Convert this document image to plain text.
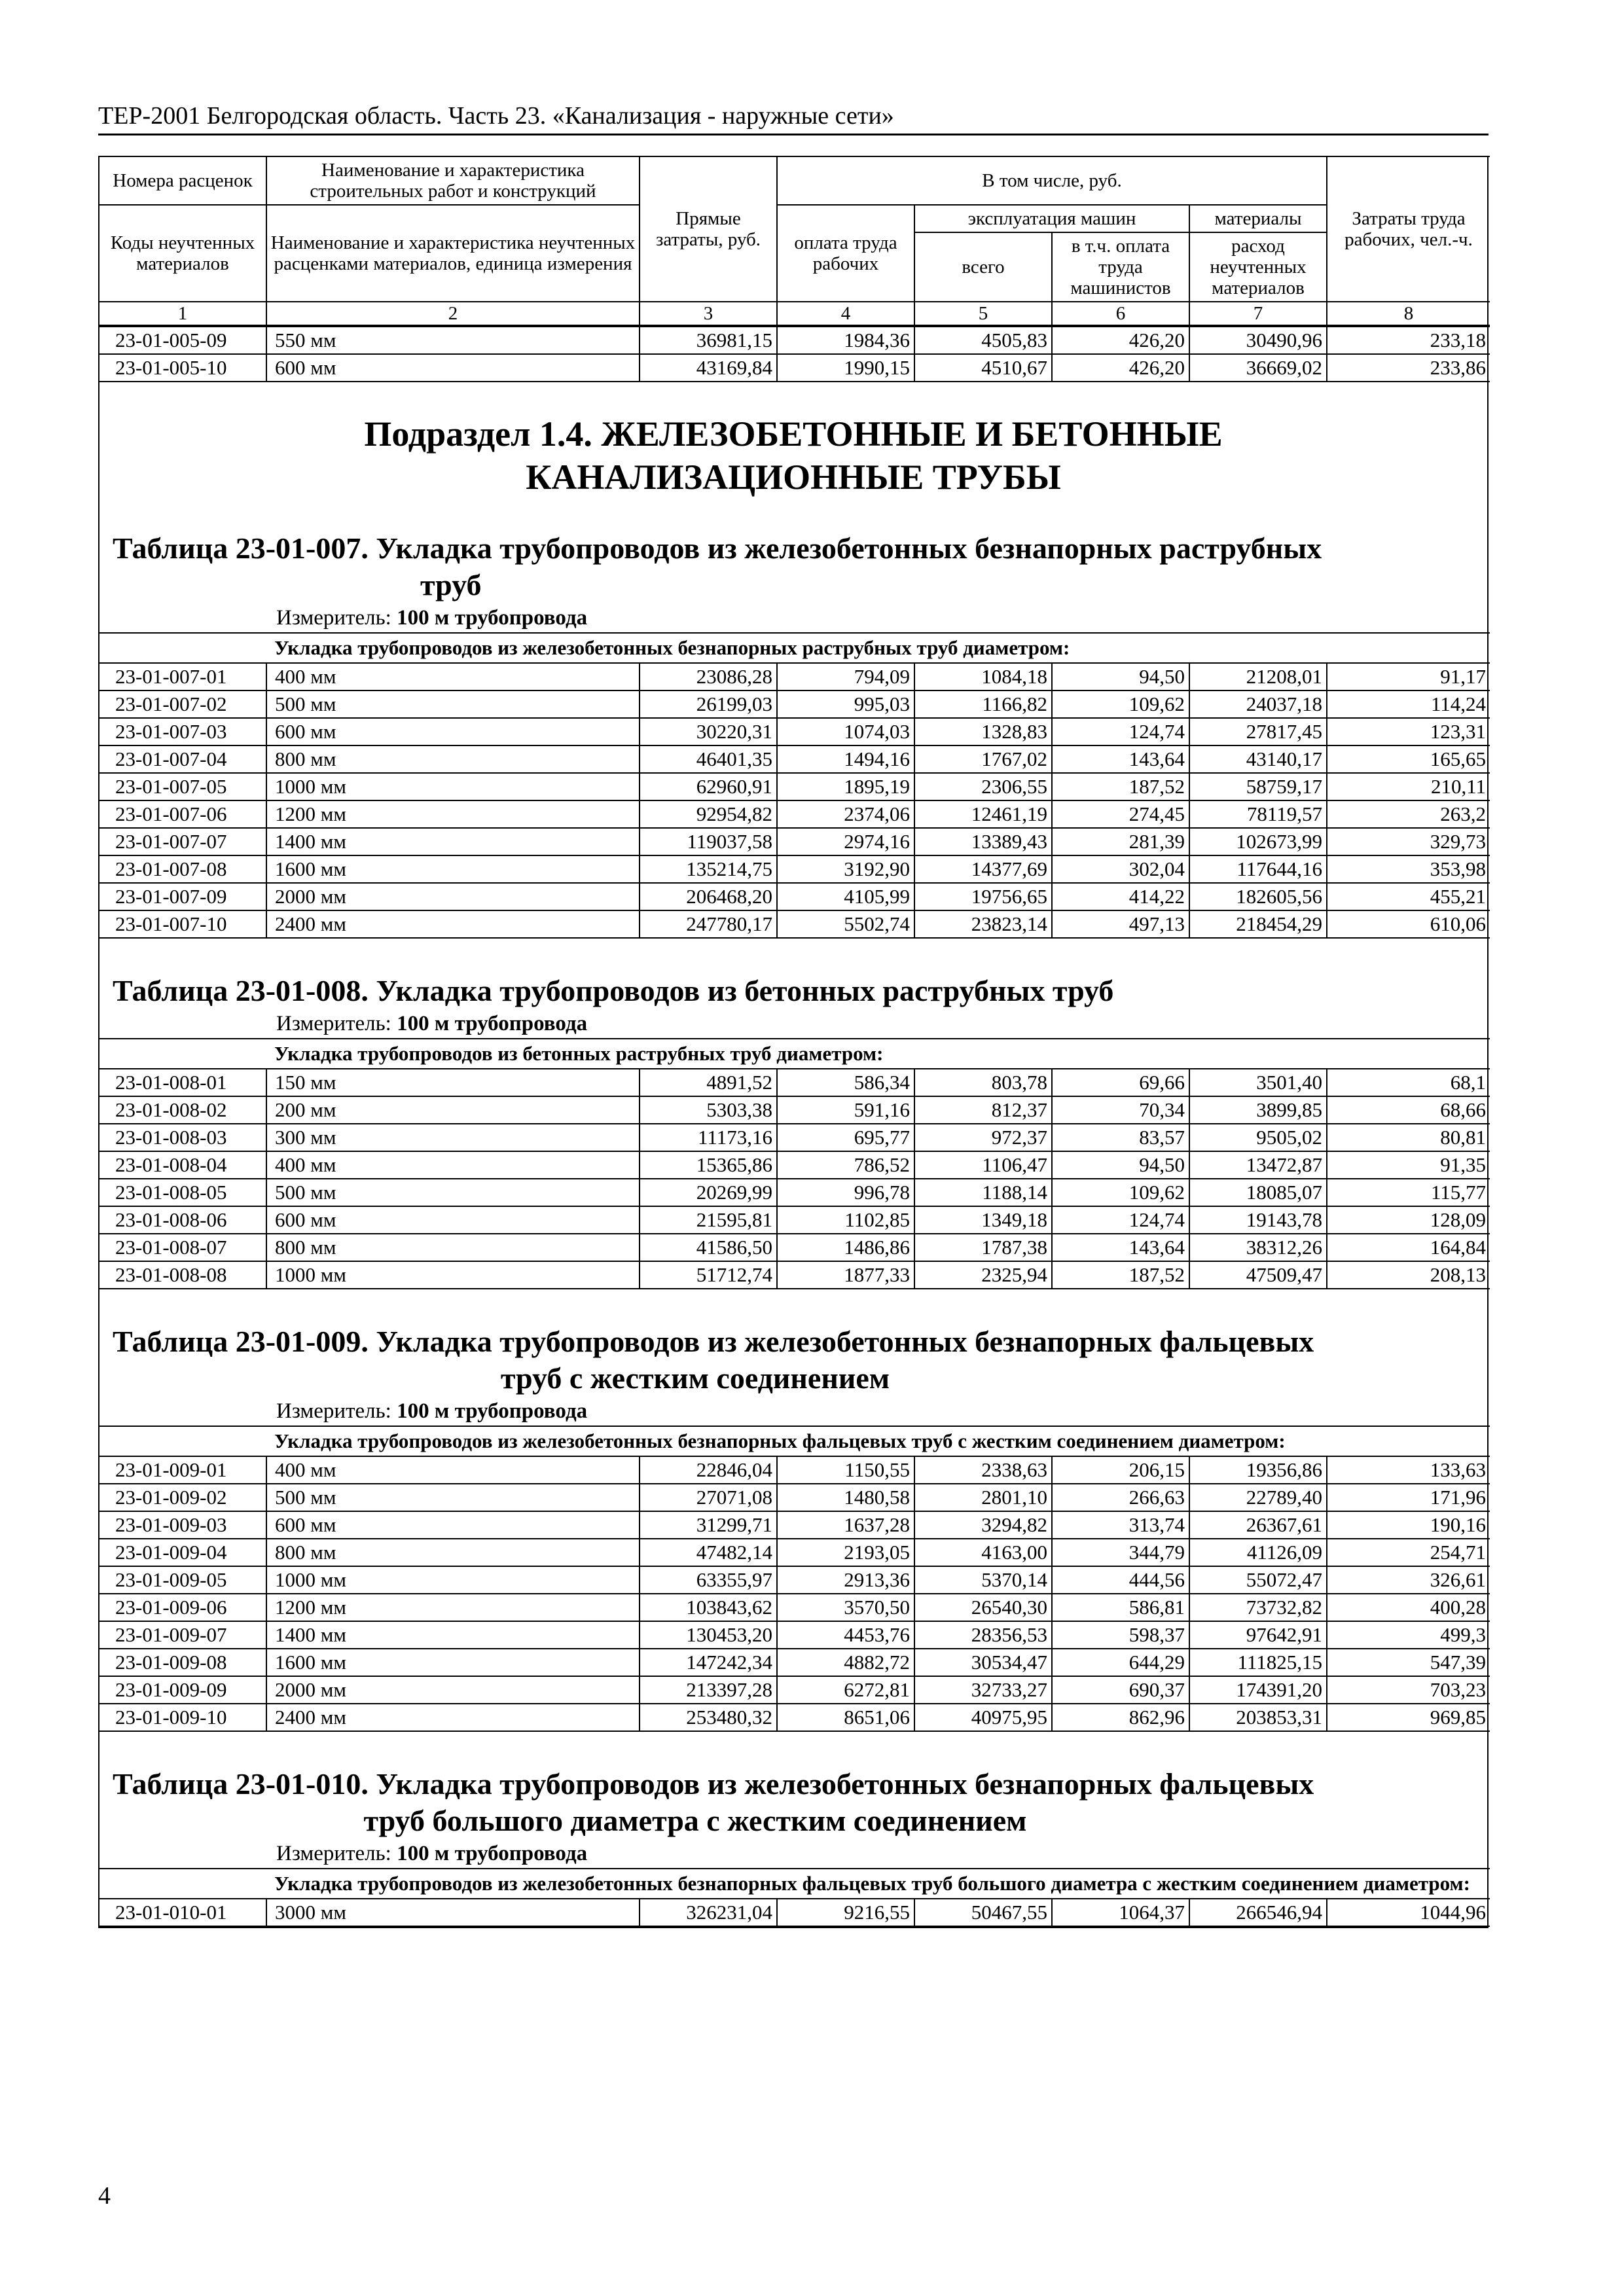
ТЕР-2001 Белгородская область. Часть 23. «Канализация - наружные сети»
Номера расценок	Наименование и характеристика строительных работ и конструкций	Прямые затраты, руб.	В том числе, руб.				Затраты труда рабочих, чел.-ч.
Коды неучтенных материалов	Наименование и характеристика неучтенных расценками материалов, единица измерения		оплата труда рабочих	эксплуатация машин		материалы	
				всего	в т.ч. оплата труда машинистов	расход неучтенных материалов	
1	2	3	4	5	6	7	8
23-01-005-09	550 мм	36981,15	1984,36	4505,83	426,20	30490,96	233,18
23-01-005-10	600 мм	43169,84	1990,15	4510,67	426,20	36669,02	233,86
Подраздел 1.4. ЖЕЛЕЗОБЕТОННЫЕ И БЕТОННЫЕ
КАНАЛИЗАЦИОННЫЕ ТРУБЫ
Таблица 23-01-007. Укладка трубопроводов из железобетонных безнапорных раструбных
труб
Измеритель: 100 м трубопровода
	Укладка трубопроводов из железобетонных безнапорных раструбных труб диаметром:						
23-01-007-01	400 мм	23086,28	794,09	1084,18	94,50	21208,01	91,17
23-01-007-02	500 мм	26199,03	995,03	1166,82	109,62	24037,18	114,24
23-01-007-03	600 мм	30220,31	1074,03	1328,83	124,74	27817,45	123,31
23-01-007-04	800 мм	46401,35	1494,16	1767,02	143,64	43140,17	165,65
23-01-007-05	1000 мм	62960,91	1895,19	2306,55	187,52	58759,17	210,11
23-01-007-06	1200 мм	92954,82	2374,06	12461,19	274,45	78119,57	263,2
23-01-007-07	1400 мм	119037,58	2974,16	13389,43	281,39	102673,99	329,73
23-01-007-08	1600 мм	135214,75	3192,90	14377,69	302,04	117644,16	353,98
23-01-007-09	2000 мм	206468,20	4105,99	19756,65	414,22	182605,56	455,21
23-01-007-10	2400 мм	247780,17	5502,74	23823,14	497,13	218454,29	610,06
Таблица 23-01-008. Укладка трубопроводов из бетонных раструбных труб
Измеритель: 100 м трубопровода
	Укладка трубопроводов из бетонных раструбных труб диаметром:						
23-01-008-01	150 мм	4891,52	586,34	803,78	69,66	3501,40	68,1
23-01-008-02	200 мм	5303,38	591,16	812,37	70,34	3899,85	68,66
23-01-008-03	300 мм	11173,16	695,77	972,37	83,57	9505,02	80,81
23-01-008-04	400 мм	15365,86	786,52	1106,47	94,50	13472,87	91,35
23-01-008-05	500 мм	20269,99	996,78	1188,14	109,62	18085,07	115,77
23-01-008-06	600 мм	21595,81	1102,85	1349,18	124,74	19143,78	128,09
23-01-008-07	800 мм	41586,50	1486,86	1787,38	143,64	38312,26	164,84
23-01-008-08	1000 мм	51712,74	1877,33	2325,94	187,52	47509,47	208,13
Таблица 23-01-009. Укладка трубопроводов из железобетонных безнапорных фальцевых
труб с жестким соединением
Измеритель: 100 м трубопровода
	Укладка трубопроводов из железобетонных безнапорных фальцевых труб с жестким соединением диаметром:						
23-01-009-01	400 мм	22846,04	1150,55	2338,63	206,15	19356,86	133,63
23-01-009-02	500 мм	27071,08	1480,58	2801,10	266,63	22789,40	171,96
23-01-009-03	600 мм	31299,71	1637,28	3294,82	313,74	26367,61	190,16
23-01-009-04	800 мм	47482,14	2193,05	4163,00	344,79	41126,09	254,71
23-01-009-05	1000 мм	63355,97	2913,36	5370,14	444,56	55072,47	326,61
23-01-009-06	1200 мм	103843,62	3570,50	26540,30	586,81	73732,82	400,28
23-01-009-07	1400 мм	130453,20	4453,76	28356,53	598,37	97642,91	499,3
23-01-009-08	1600 мм	147242,34	4882,72	30534,47	644,29	111825,15	547,39
23-01-009-09	2000 мм	213397,28	6272,81	32733,27	690,37	174391,20	703,23
23-01-009-10	2400 мм	253480,32	8651,06	40975,95	862,96	203853,31	969,85
Таблица 23-01-010. Укладка трубопроводов из железобетонных безнапорных фальцевых
труб большого диаметра с жестким соединением
Измеритель: 100 м трубопровода
	Укладка трубопроводов из железобетонных безнапорных фальцевых труб большого диаметра с жестким соединением диаметром:						
23-01-010-01	3000 мм	326231,04	9216,55	50467,55	1064,37	266546,94	1044,96
4
